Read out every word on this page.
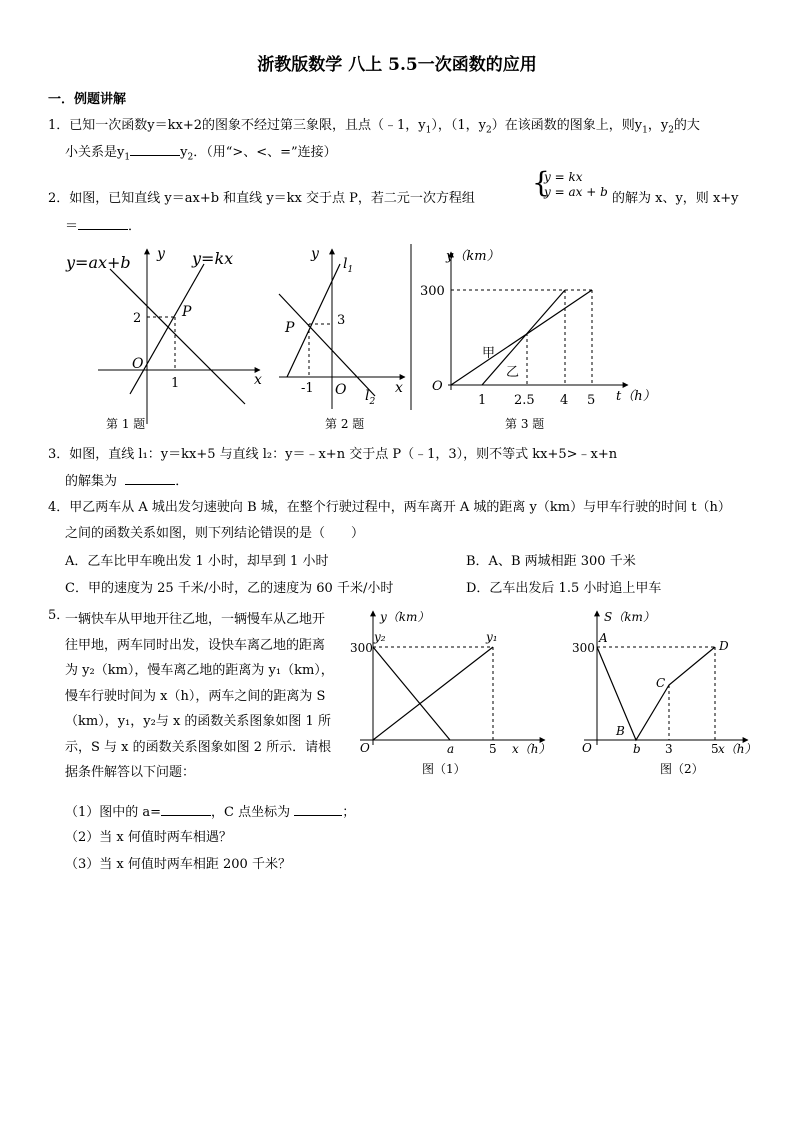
浙教版数学 八上 5.5一次函数的应用
一．例题讲解
1．已知一次函数y＝kx+2的图象不经过第三象限，且点（﹣1，$y_1$），（1，$y_2$）在该函数的图象上，则$y_1$，$y_2$的大
小关系是$y_1$	$y_2$．（用“>、<、=”连接）
2．如图，已知直线 y＝ax+b 和直线 y＝kx 交于点 P，若二元一次方程组 {
y = kx
y = ax + b 的解为 x、y，则 x+y
＝	．
y=ax+b	y=kx
y
x
O
P
2
1
第 1 题
y
x
O
P
$l_1$
$l_2$
3
-1
第 2 题
y（km）
t（h）
O
300
1 2.5 4 5
甲
乙
第 3 题
3．如图，直线 l₁：y＝kx+5 与直线 l₂：y＝﹣x+n 交于点 P（﹣1，3），则不等式 kx+5>﹣x+n
的解集为	．
4．甲乙两车从 A 城出发匀速驶向 B 城，在整个行驶过程中，两车离开 A 城的距离 y（km）与甲车行驶的时间 t（h）
之间的函数关系如图，则下列结论错误的是（　　）
A．乙车比甲车晚出发 1 小时，却早到 1 小时	B．A、B 两城相距 300 千米
C．甲的速度为 25 千米/小时，乙的速度为 60 千米/小时	D．乙车出发后 1.5 小时追上甲车
5．
一辆快车从甲地开往乙地，一辆慢车从乙地开
往甲地，两车同时出发，设快车离乙地的距离
为 y₂（km），慢车离乙地的距离为 y₁（km），
慢车行驶时间为 x（h），两车之间的距离为 S
（km），y₁，y₂与 x 的函数关系图象如图 1 所
示，S 与 x 的函数关系图象如图 2 所示．请根
据条件解答以下问题：
（1）图中的 a=	，C 点坐标为	；
（2）当 x 何值时两车相遇？
（3）当 x 何值时两车相距 200 千米？
y（km）
x（h）
O
300
y₂	y₁
a	5
图（1）
S（km）
x（h）
O
300
A
B
C
D
b 3	5
图（2）
